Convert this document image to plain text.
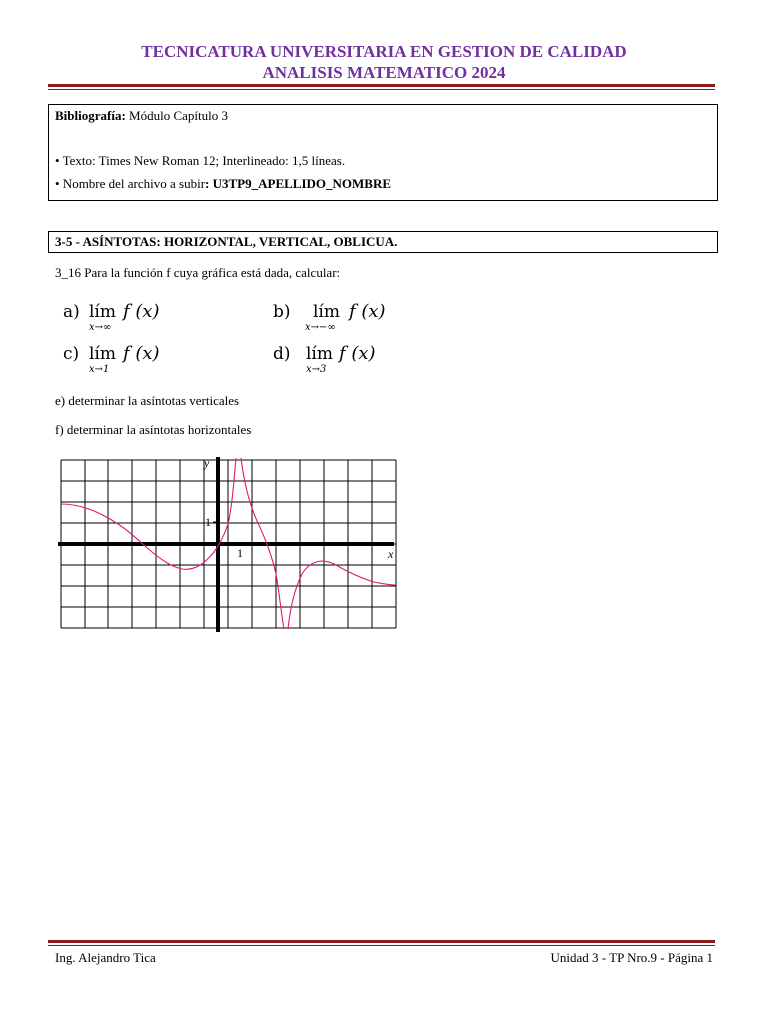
TECNICATURA UNIVERSITARIA EN GESTION DE CALIDAD
ANALISIS MATEMATICO 2024
Bibliografía: Módulo Capítulo 3
• Texto: Times New Roman 12; Interlineado: 1,5 líneas.
• Nombre del archivo a subir: U3TP9_APELLIDO_NOMBRE
3-5 - ASÍNTOTAS: HORIZONTAL, VERTICAL, OBLICUA.
3_16 Para la función f cuya gráfica está dada, calcular:
a) lím
x→∞
f (x)	b) lím
x→−∞
f (x)
c) lím
x→1
f (x)	d) lím
x→3
f (x)
e) determinar la asíntotas verticales
f) determinar la asíntotas horizontales
y
x
1
1
Ing. Alejandro Tica	Unidad 3 - TP Nro.9 - Página 1
